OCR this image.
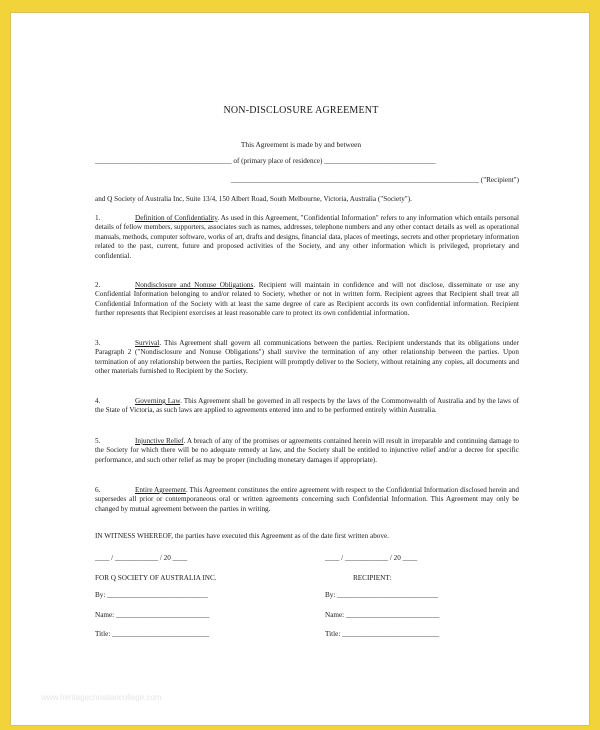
NON-DISCLOSURE AGREEMENT
This Agreement is made by and between
______________________________________ of (primary place of residence) _______________________________
_____________________________________________________________________ ("Recipient")
and Q Society of Australia Inc, Suite 13/4, 150 Albert Road, South Melbourne, Victoria, Australia ("Society").
1.	Definition of Confidentiality. As used in this Agreement, "Confidential Information" refers to any information which entails personal details of fellow members, supporters, associates such as names, addresses, telephone numbers and any other contact details as well as operational manuals, methods, computer software, works of art, drafts and designs, financial data, places of meetings, secrets and other proprietary information related to the past, current, future and proposed activities of the Society, and any other information which is privileged, proprietary and confidential.
2.	Nondisclosure and Nonuse Obligations. Recipient will maintain in confidence and will not disclose, disseminate or use any Confidential Information belonging to and/or related to Society, whether or not in written form. Recipient agrees that Recipient shall treat all Confidential Information of the Society with at least the same degree of care as Recipient accords its own confidential information. Recipient further represents that Recipient exercises at least reasonable care to protect its own confidential information.
3.	Survival. This Agreement shall govern all communications between the parties. Recipient understands that its obligations under Paragraph 2 ("Nondisclosure and Nonuse Obligations") shall survive the termination of any other relationship between the parties. Upon termination of any relationship between the parties, Recipient will promptly deliver to the Society, without retaining any copies, all documents and other materials furnished to Recipient by the Society.
4.	Governing Law. This Agreement shall be governed in all respects by the laws of the Commonwealth of Australia and by the laws of the State of Victoria, as such laws are applied to agreements entered into and to be performed entirely within Australia.
5.	Injunctive Relief. A breach of any of the promises or agreements contained herein will result in irreparable and continuing damage to the Society for which there will be no adequate remedy at law, and the Society shall be entitled to injunctive relief and/or a decree for specific performance, and such other relief as may be proper (including monetary damages if appropriate).
6.	Entire Agreement. This Agreement constitutes the entire agreement with respect to the Confidential Information disclosed herein and supersedes all prior or contemporaneous oral or written agreements concerning such Confidential Information. This Agreement may only be changed by mutual agreement between the parties in writing.
IN WITNESS WHEREOF, the parties have executed this Agreement as of the date first written above.
____ / ____________ / 20 ____	____ / ____________ / 20 ____
FOR Q SOCIETY OF AUSTRALIA INC.	RECIPIENT:
By: ____________________________	By: ____________________________
Name: __________________________	Name: __________________________
Title: ___________________________	Title: ___________________________
www.heritagechristiancollege.com
